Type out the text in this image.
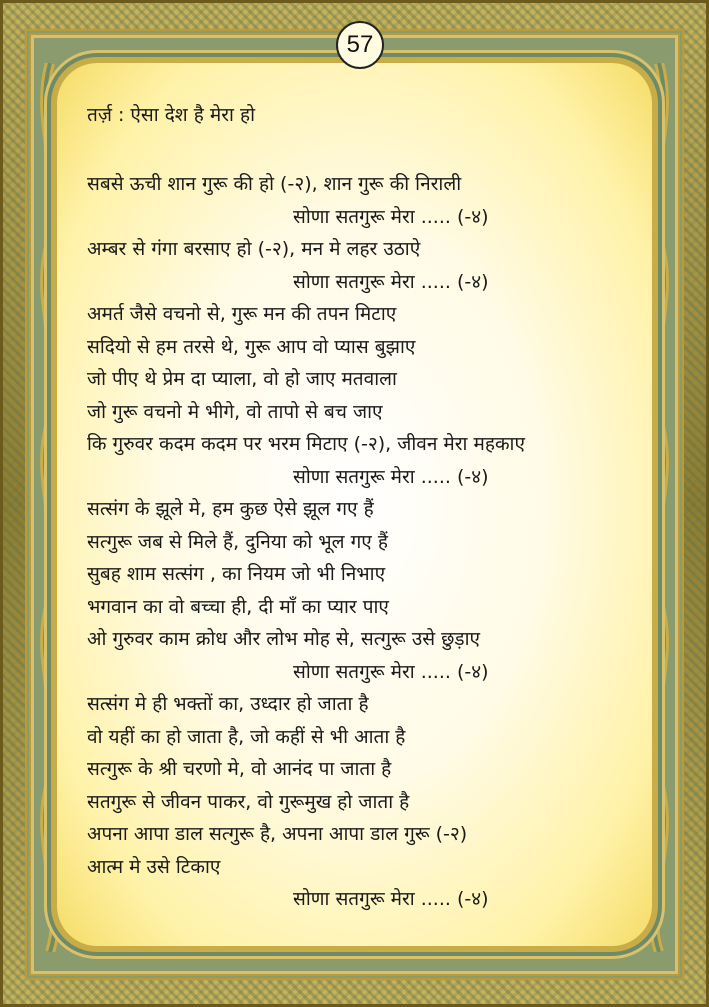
57
तर्ज़ : ऐसा देश है मेरा हो
सबसे ऊची शान गुरू की हो (-२), शान गुरू की निराली
सोणा सतगुरू मेरा ..... (-४)
अम्बर से गंगा बरसाए हो (-२), मन मे लहर उठाऐ
सोणा सतगुरू मेरा ..... (-४)
अमर्त जैसे वचनो से, गुरू मन की तपन मिटाए
सदियो से हम तरसे थे, गुरू आप वो प्यास बुझाए
जो पीए थे प्रेम दा प्याला, वो हो जाए मतवाला
जो गुरू वचनो मे भीगे, वो तापो से बच जाए
कि गुरुवर कदम कदम पर भरम मिटाए (-२), जीवन मेरा महकाए
सोणा सतगुरू मेरा ..... (-४)
सत्संग के झूले मे, हम कुछ ऐसे झूल गए हैं
सत्गुरू जब से मिले हैं, दुनिया को भूल गए हैं
सुबह शाम सत्संग , का नियम जो भी निभाए
भगवान का वो बच्चा ही, दी माँ का प्यार पाए
ओ गुरुवर काम क्रोध और लोभ मोह से, सत्गुरू उसे छुड़ाए
सोणा सतगुरू मेरा ..... (-४)
सत्संग मे ही भक्तों का, उध्दार हो जाता है
वो यहीं का हो जाता है, जो कहीं से भी आता है
सत्गुरू के श्री चरणो मे, वो आनंद पा जाता है
सतगुरू से जीवन पाकर, वो गुरूमुख हो जाता है
अपना आपा डाल सत्गुरू है, अपना आपा डाल गुरू (-२)
आत्म मे उसे टिकाए
सोणा सतगुरू मेरा ..... (-४)
